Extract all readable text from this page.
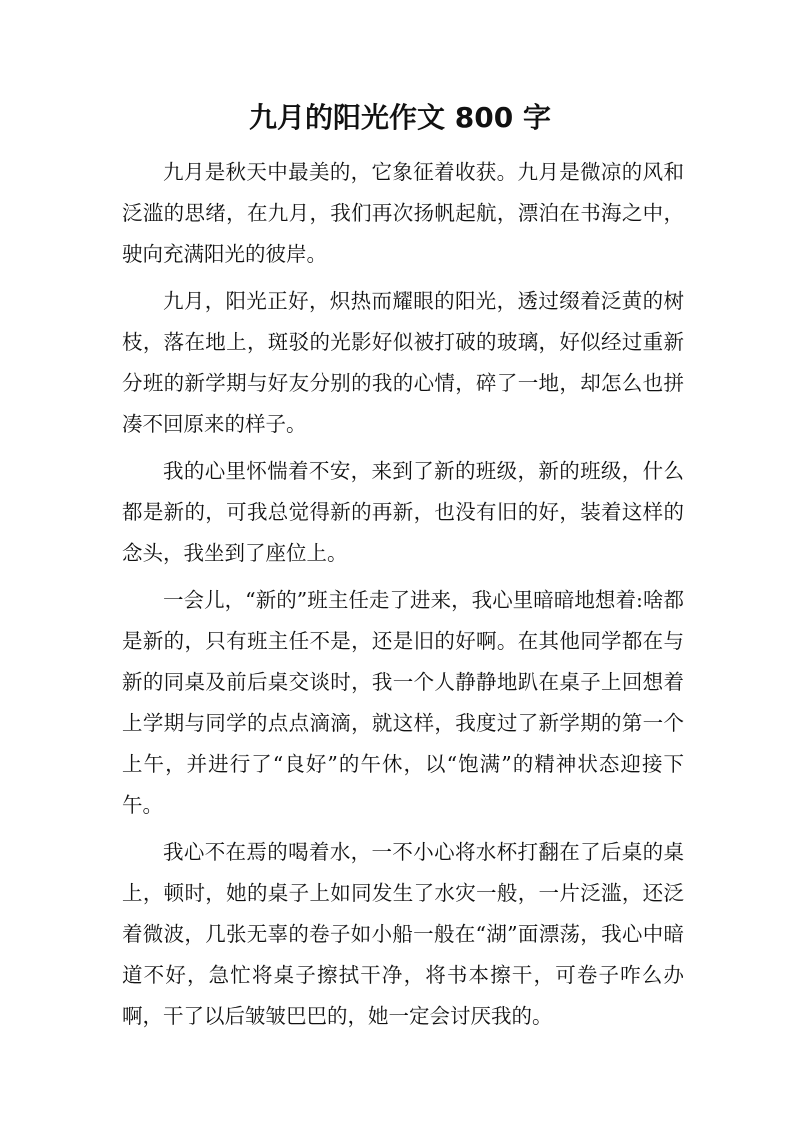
九月的阳光作文 800 字

九月是秋天中最美的，它象征着收获。九月是微凉的风和泛滥的思绪，在九月，我们再次扬帆起航，漂泊在书海之中，驶向充满阳光的彼岸。

九月，阳光正好，炽热而耀眼的阳光，透过缀着泛黄的树枝，落在地上，斑驳的光影好似被打破的玻璃，好似经过重新分班的新学期与好友分别的我的心情，碎了一地，却怎么也拼凑不回原来的样子。

我的心里怀惴着不安，来到了新的班级，新的班级，什么都是新的，可我总觉得新的再新，也没有旧的好，装着这样的念头，我坐到了座位上。

一会儿，“新的”班主任走了进来，我心里暗暗地想着:啥都是新的，只有班主任不是，还是旧的好啊。在其他同学都在与新的同桌及前后桌交谈时，我一个人静静地趴在桌子上回想着上学期与同学的点点滴滴，就这样，我度过了新学期的第一个上午，并进行了“良好”的午休，以“饱满”的精神状态迎接下午。

我心不在焉的喝着水，一不小心将水杯打翻在了后桌的桌上，顿时，她的桌子上如同发生了水灾一般，一片泛滥，还泛着微波，几张无辜的卷子如小船一般在“湖”面漂荡，我心中暗道不好，急忙将桌子擦拭干净，将书本擦干，可卷子咋么办啊，干了以后皱皱巴巴的，她一定会讨厌我的。
